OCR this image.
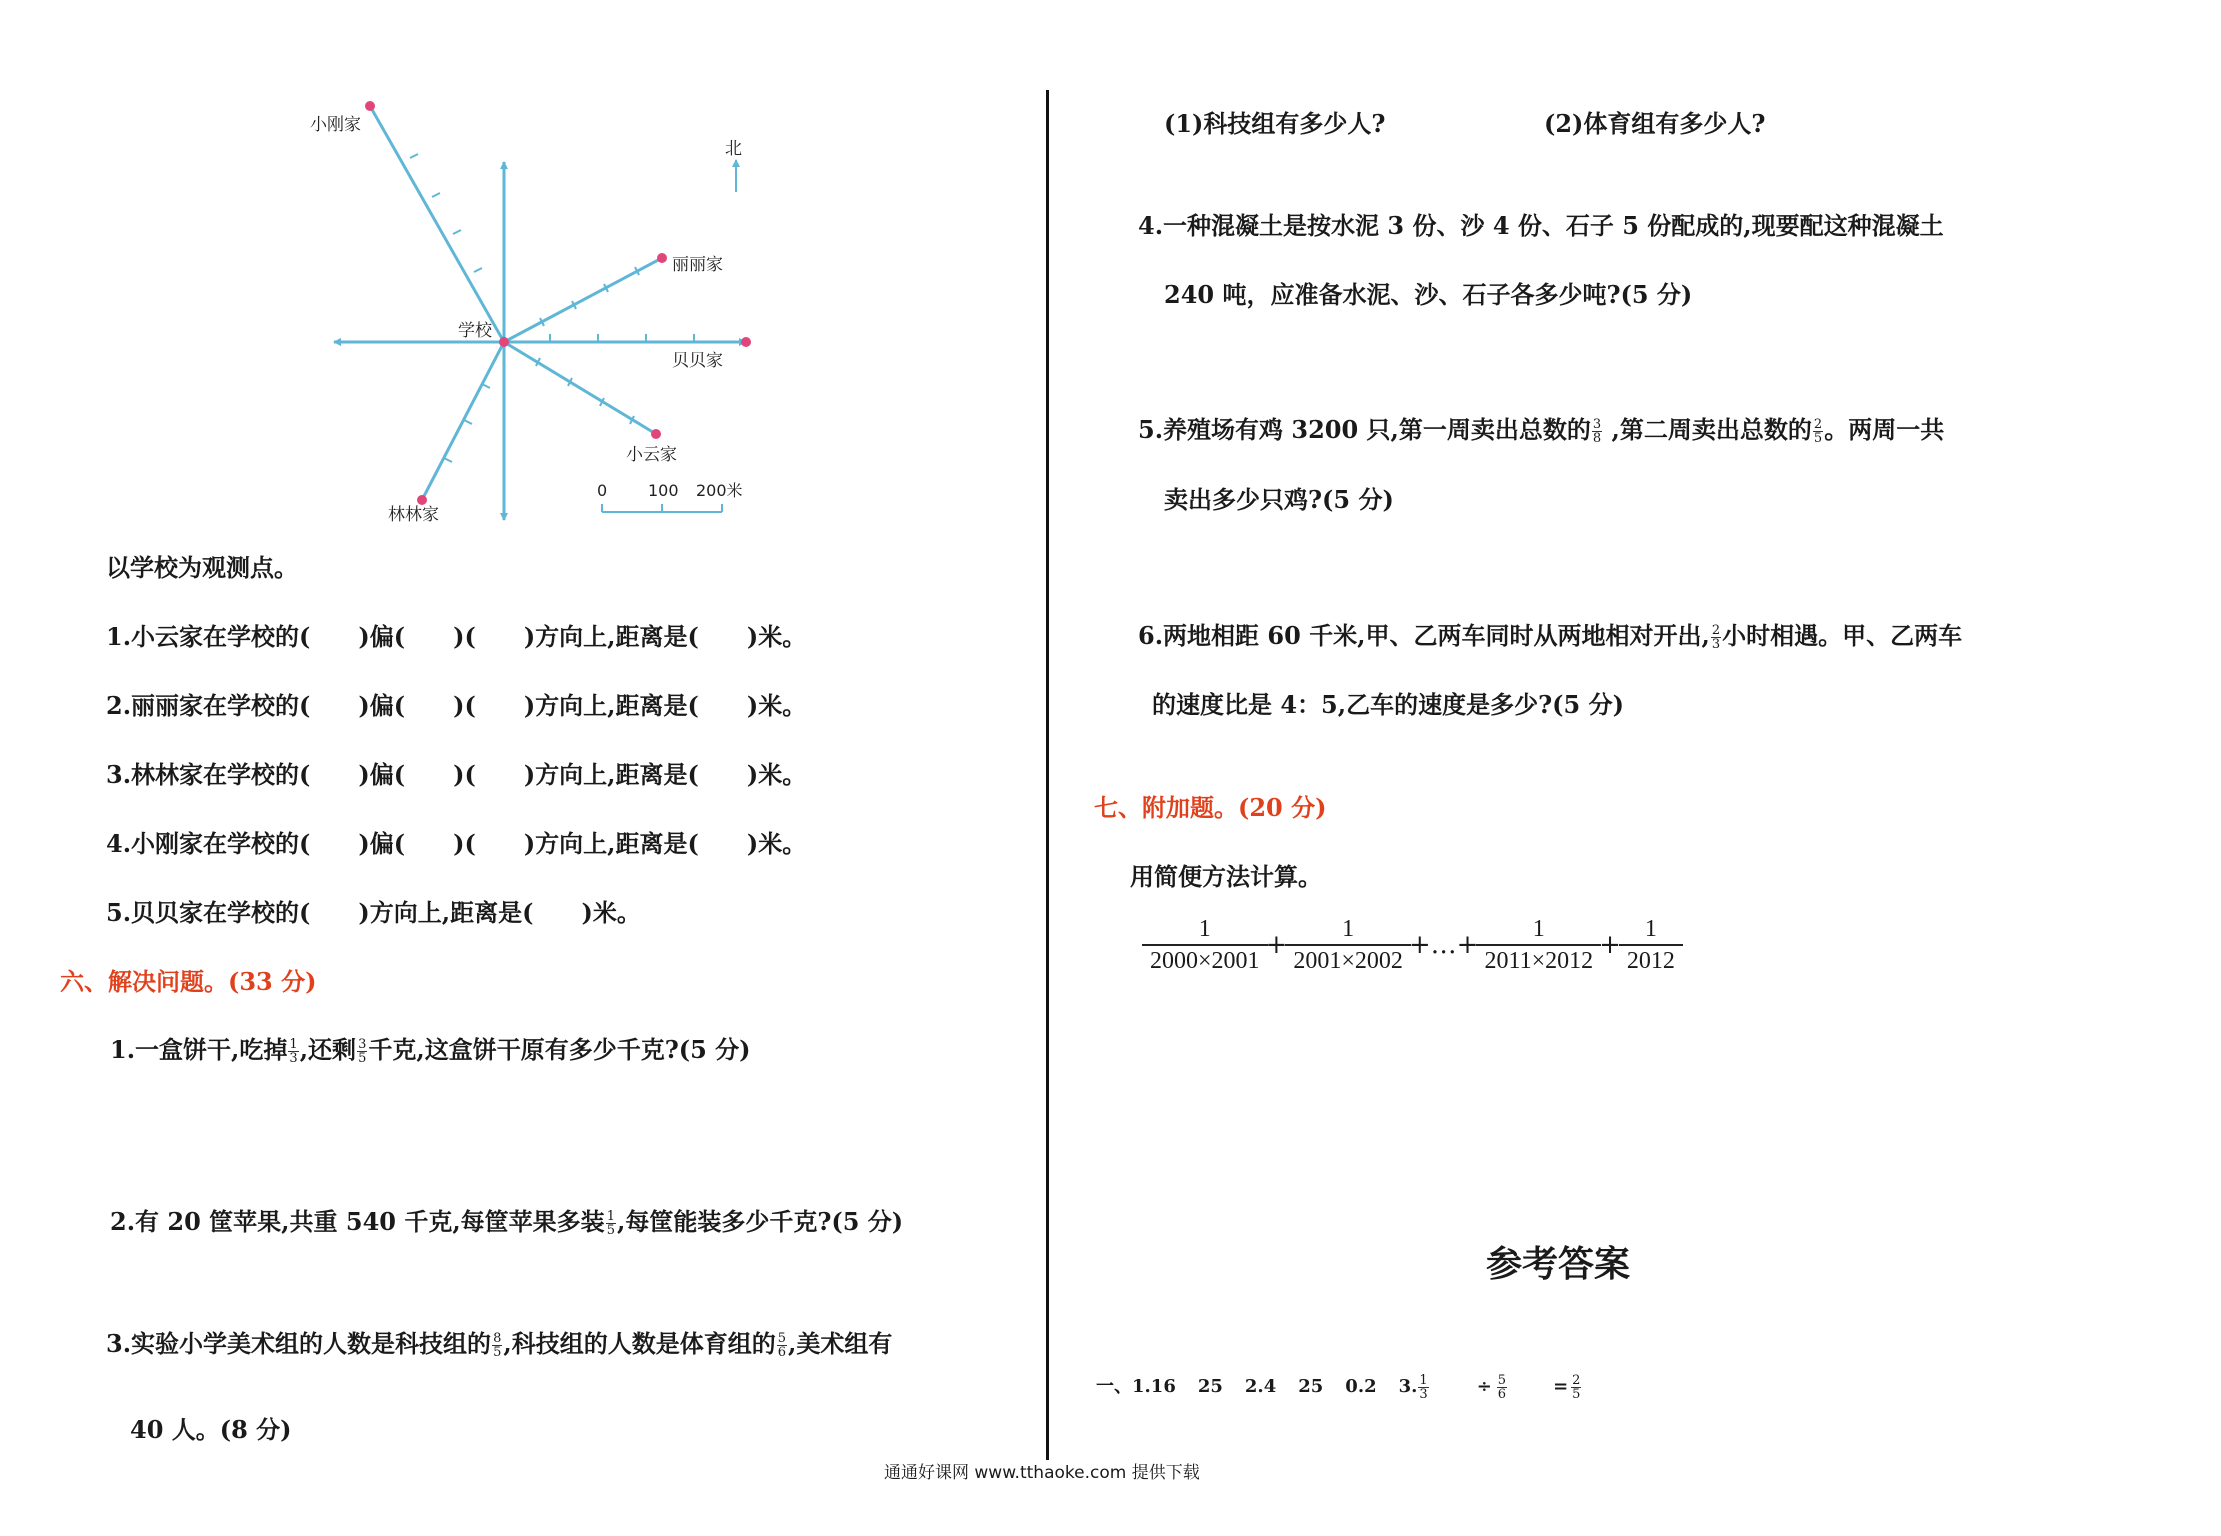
小刚家
丽丽家
学校
贝贝家
小云家
林林家
北
0	100 200米
以学校为观测点。
1.小云家在学校的(　　)偏(　　)(　　)方向上,距离是(　　)米。
2.丽丽家在学校的(　　)偏(　　)(　　)方向上,距离是(　　)米。
3.林林家在学校的(　　)偏(　　)(　　)方向上,距离是(　　)米。
4.小刚家在学校的(　　)偏(　　)(　　)方向上,距离是(　　)米。
5.贝贝家在学校的(　　)方向上,距离是(　　)米。
六、解决问题。(33 分)
1.一盒饼干,吃掉 $\frac{1}{3}$ ,还剩 $\frac{3}{5}$ 千克,这盒饼干原有多少千克?(5 分)
2.有 20 筐苹果,共重 540 千克,每筐苹果多装 $\frac{1}{5}$ ,每筐能装多少千克?(5 分)
3.实验小学美术组的人数是科技组的 $\frac{8}{5}$ ,科技组的人数是体育组的 $\frac{5}{6}$ ,美术组有
40 人。(8 分)
(1)科技组有多少人?	(2)体育组有多少人?
4.一种混凝土是按水泥 3 份、沙 4 份、石子 5 份配成的,现要配这种混凝土
240 吨，应准备水泥、沙、石子各多少吨?(5 分)
5.养殖场有鸡 3200 只,第一周卖出总数的 $\frac{3}{8}$ ,第二周卖出总数的 $\frac{2}{5}$ 。两周一共
卖出多少只鸡?(5 分)
6.两地相距 60 千米,甲、乙两车同时从两地相对开出, $\frac{2}{3}$ 小时相遇。甲、乙两车
的速度比是 4：5,乙车的速度是多少?(5 分)
七、附加题。(20 分)
用简便方法计算。
$\frac{1}{2000\times 2001} + \frac{1}{2001\times 2002}$ +…+ $\frac{1}{2011\times 2012} + \frac{1}{2012}$
参考答案
一、1.16 25 2.4 25 0.2 3. $\frac{1}{3} \div \frac{5}{6} = \frac{2}{5}$
通通好课网 www.tthaoke.com 提供下载
